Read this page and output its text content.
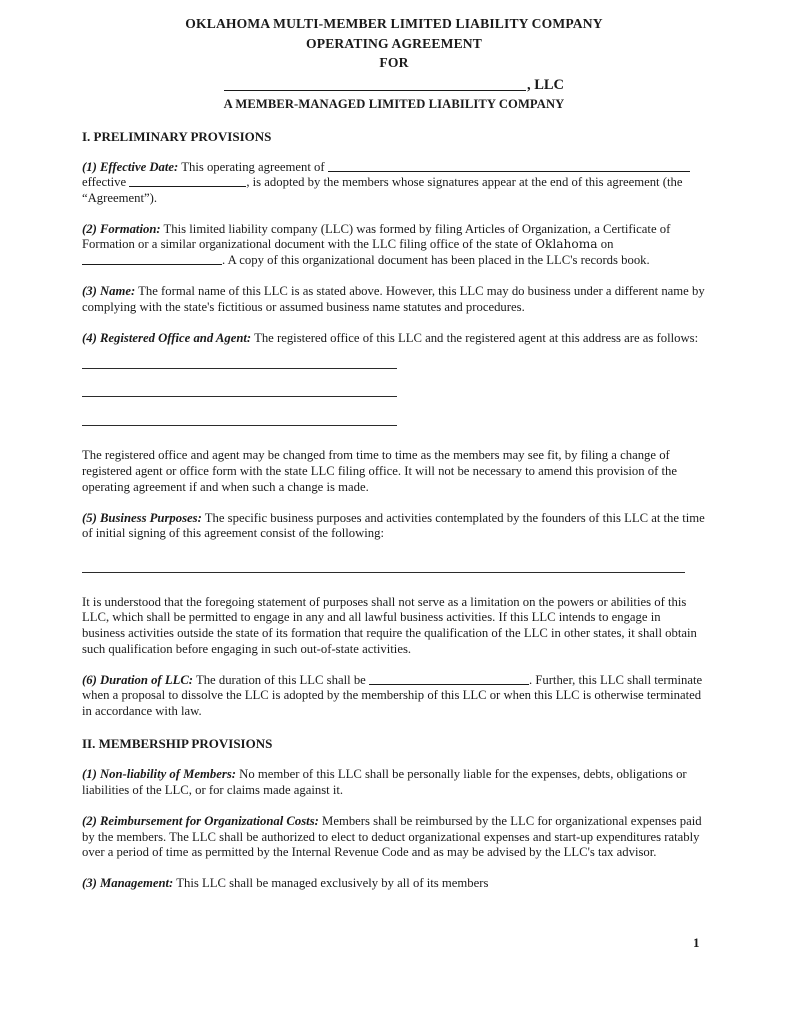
OKLAHOMA MULTI-MEMBER LIMITED LIABILITY COMPANY
OPERATING AGREEMENT
FOR
, LLC
A MEMBER-MANAGED LIMITED LIABILITY COMPANY
I. PRELIMINARY PROVISIONS

(1) Effective Date: This operating agreement of
effective	, is adopted by the members whose signatures appear at the end of this agreement (the “Agreement”).

(2) Formation: This limited liability company (LLC) was formed by filing Articles of Organization, a Certificate of Formation or a similar organizational document with the LLC filing office of the state of Oklahoma on
. A copy of this organizational document has been placed in the LLC's records book.

(3) Name: The formal name of this LLC is as stated above. However, this LLC may do business under a different name by complying with the state's fictitious or assumed business name statutes and procedures.

(4) Registered Office and Agent: The registered office of this LLC and the registered agent at this address are as follows:

The registered office and agent may be changed from time to time as the members may see fit, by filing a change of registered agent or office form with the state LLC filing office. It will not be necessary to amend this provision of the operating agreement if and when such a change is made.

(5) Business Purposes: The specific business purposes and activities contemplated by the founders of this LLC at the time of initial signing of this agreement consist of the following:

It is understood that the foregoing statement of purposes shall not serve as a limitation on the powers or abilities of this LLC, which shall be permitted to engage in any and all lawful business activities. If this LLC intends to engage in business activities outside the state of its formation that require the qualification of the LLC in other states, it shall obtain such qualification before engaging in such out-of-state activities.

(6) Duration of LLC: The duration of this LLC shall be	. Further, this LLC shall terminate when a proposal to dissolve the LLC is adopted by the membership of this LLC or when this LLC is otherwise terminated in accordance with law.

II. MEMBERSHIP PROVISIONS

(1) Non-liability of Members: No member of this LLC shall be personally liable for the expenses, debts, obligations or liabilities of the LLC, or for claims made against it.

(2) Reimbursement for Organizational Costs: Members shall be reimbursed by the LLC for organizational expenses paid by the members. The LLC shall be authorized to elect to deduct organizational expenses and start-up expenditures ratably over a period of time as permitted by the Internal Revenue Code and as may be advised by the LLC's tax advisor.

(3) Management: This LLC shall be managed exclusively by all of its members

1
